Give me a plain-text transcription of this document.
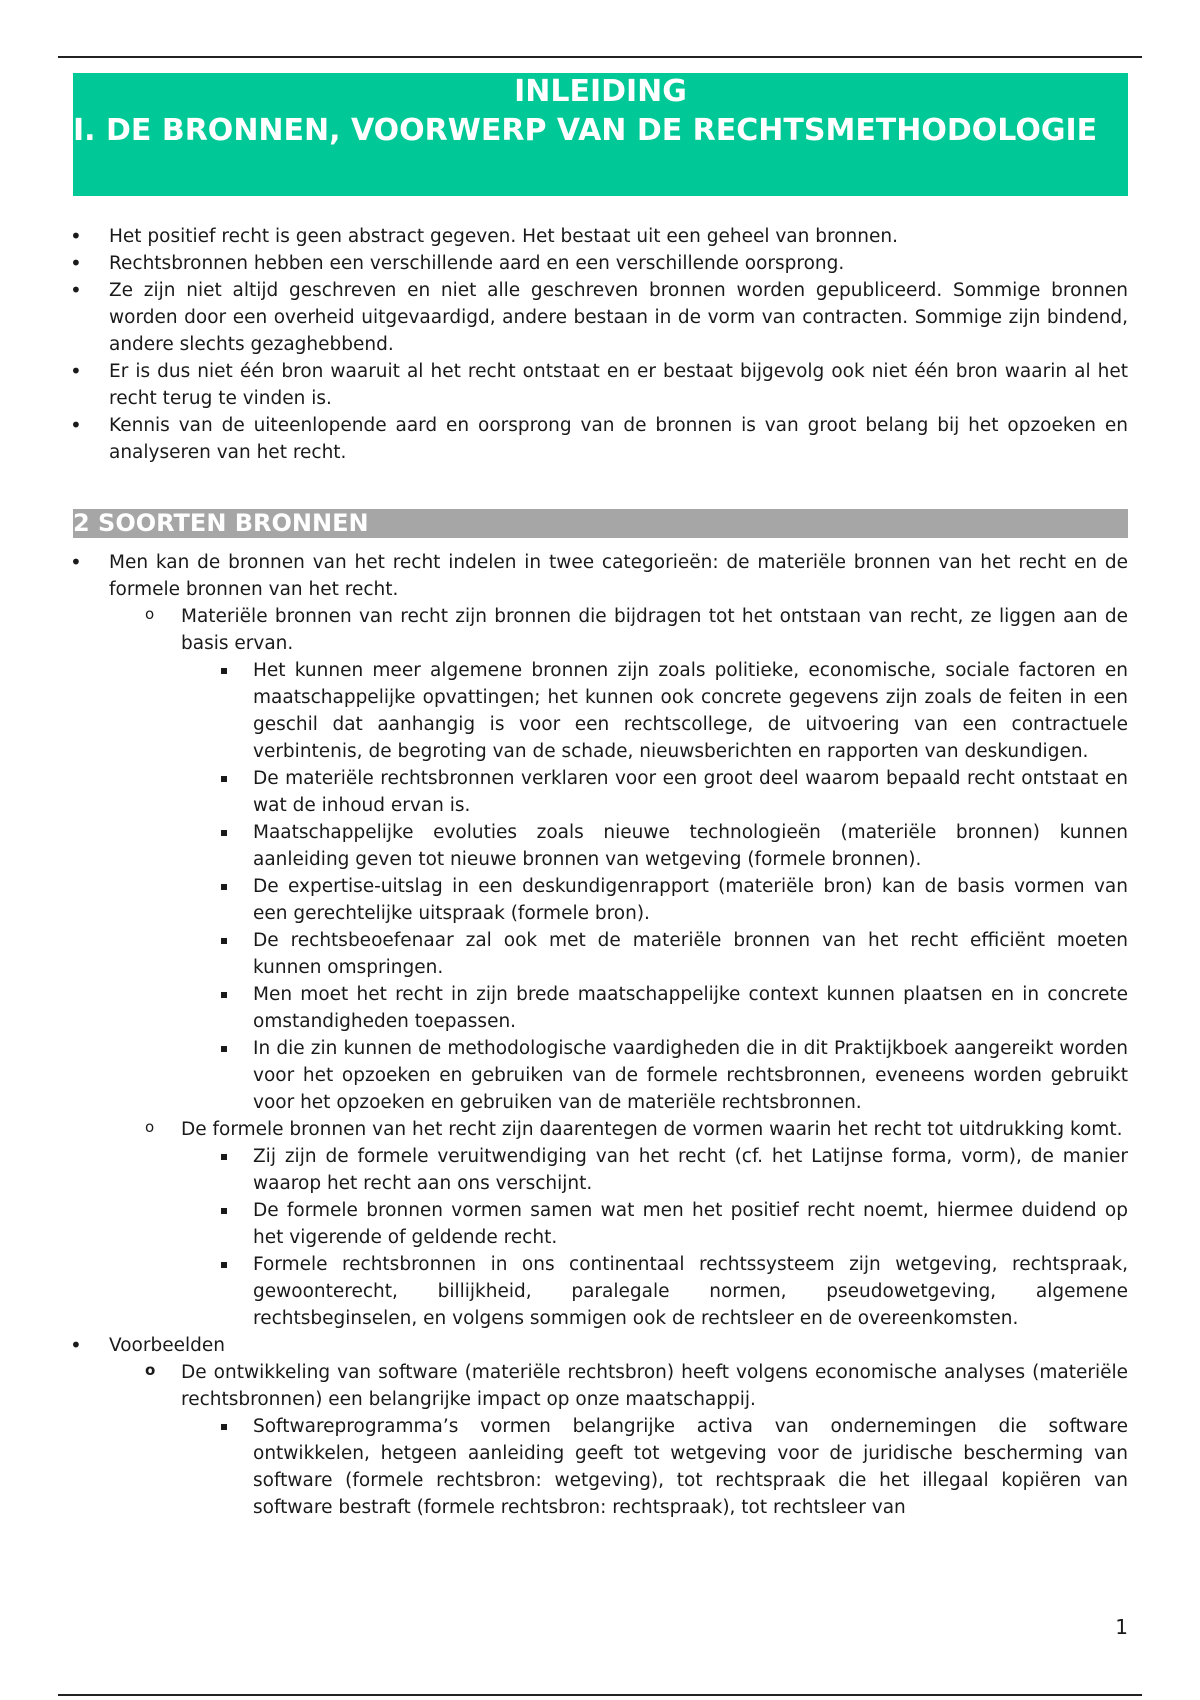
INLEIDING
I. DE BRONNEN, VOORWERP VAN DE RECHTSMETHODOLOGIE
• Het positief recht is geen abstract gegeven. Het bestaat uit een geheel van bronnen.
• Rechtsbronnen hebben een verschillende aard en een verschillende oorsprong.
• Ze zijn niet altijd geschreven en niet alle geschreven bronnen worden gepubliceerd. Sommige bronnen worden door een overheid uitgevaardigd, andere bestaan in de vorm van contracten. Sommige zijn bindend, andere slechts gezaghebbend.
• Er is dus niet één bron waaruit al het recht ontstaat en er bestaat bijgevolg ook niet één bron waarin al het recht terug te vinden is.
• Kennis van de uiteenlopende aard en oorsprong van de bronnen is van groot belang bij het opzoeken en analyseren van het recht.
2 SOORTEN BRONNEN
• Men kan de bronnen van het recht indelen in twee categorieën: de materiële bronnen van het recht en de formele bronnen van het recht.
o Materiële bronnen van recht zijn bronnen die bijdragen tot het ontstaan van recht, ze liggen aan de basis ervan.
Het kunnen meer algemene bronnen zijn zoals politieke, economische, sociale factoren en maatschappelijke opvattingen; het kunnen ook concrete gegevens zijn zoals de feiten in een geschil dat aanhangig is voor een rechtscollege, de uitvoering van een contractuele verbintenis, de begroting van de schade, nieuwsberichten en rapporten van deskundigen.
De materiële rechtsbronnen verklaren voor een groot deel waarom bepaald recht ontstaat en wat de inhoud ervan is.
Maatschappelijke evoluties zoals nieuwe technologieën (materiële bronnen) kunnen aanleiding geven tot nieuwe bronnen van wetgeving (formele bronnen).
De expertise-uitslag in een deskundigenrapport (materiële bron) kan de basis vormen van een gerechtelijke uitspraak (formele bron).
De rechtsbeoefenaar zal ook met de materiële bronnen van het recht efficiënt moeten kunnen omspringen.
Men moet het recht in zijn brede maatschappelijke context kunnen plaatsen en in concrete omstandigheden toepassen.
In die zin kunnen de methodologische vaardigheden die in dit Praktijkboek aangereikt worden voor het opzoeken en gebruiken van de formele rechtsbronnen, eveneens worden gebruikt voor het opzoeken en gebruiken van de materiële rechtsbronnen.
o De formele bronnen van het recht zijn daarentegen de vormen waarin het recht tot uitdrukking komt.
Zij zijn de formele veruitwendiging van het recht (cf. het Latijnse forma, vorm), de manier waarop het recht aan ons verschijnt.
De formele bronnen vormen samen wat men het positief recht noemt, hiermee duidend op het vigerende of geldende recht.
Formele rechtsbronnen in ons continentaal rechtssysteem zijn wetgeving, rechtspraak, gewoonterecht, billijkheid, paralegale normen, pseudowetgeving, algemene rechtsbeginselen, en volgens sommigen ook de rechtsleer en de overeenkomsten.
• Voorbeelden
o De ontwikkeling van software (materiële rechtsbron) heeft volgens economische analyses (materiële rechtsbronnen) een belangrijke impact op onze maatschappij.
Softwareprogramma’s vormen belangrijke activa van ondernemingen die software ontwikkelen, hetgeen aanleiding geeft tot wetgeving voor de juridische bescherming van software (formele rechtsbron: wetgeving), tot rechtspraak die het illegaal kopiëren van software bestraft (formele rechtsbron: rechtspraak), tot rechtsleer van
1
